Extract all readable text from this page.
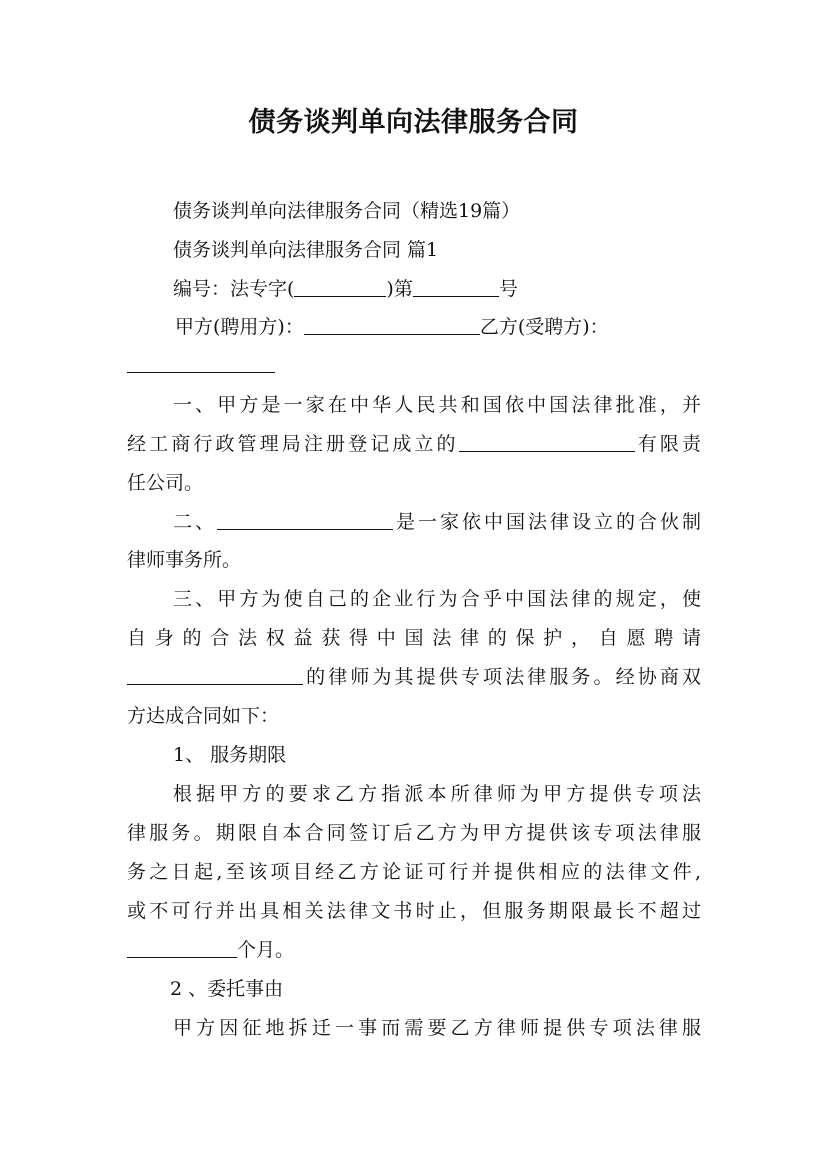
债务谈判单向法律服务合同
债务谈判单向法律服务合同（精选19篇）
债务谈判单向法律服务合同 篇1
编号：法专字(	)第	号
甲方(聘用方)：	乙方(受聘方)：
一、甲方是一家在中华人民共和国依中国法律批准，并
经工商行政管理局注册登记成立的	有限责
任公司。
二、	是一家依中国法律设立的合伙制
律师事务所。
三、甲方为使自己的企业行为合乎中国法律的规定，使
自身的合法权益获得中国法律的保护，自愿聘请
的律师为其提供专项法律服务。经协商双
方达成合同如下：
1、 服务期限
根据甲方的要求乙方指派本所律师为甲方提供专项法
律服务。期限自本合同签订后乙方为甲方提供该专项法律服
务之日起,至该项目经乙方论证可行并提供相应的法律文件,
或不可行并出具相关法律文书时止，但服务期限最长不超过
个月。
2 、委托事由
甲方因征地拆迁一事而需要乙方律师提供专项法律服
